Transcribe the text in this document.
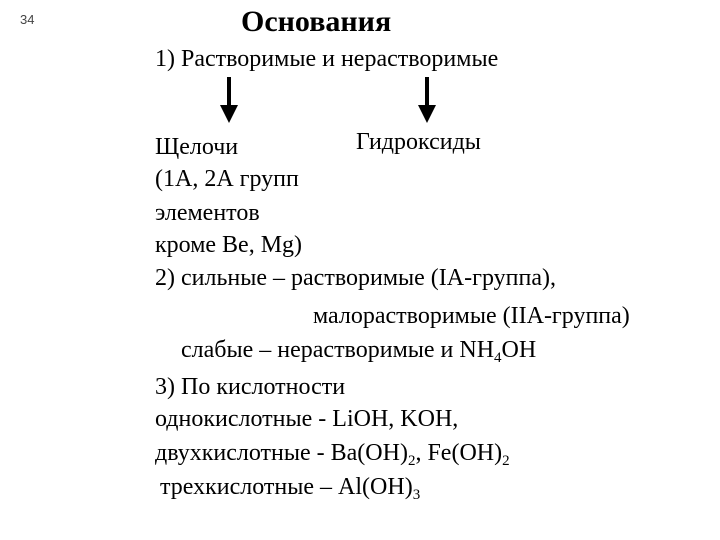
34	Основания
1) Растворимые и нерастворимые
Щелочи	Гидроксиды
(1А, 2А групп
элементов
кроме Be, Mg)
2) сильные – растворимые (IA-группа),
малорастворимые (IIA-группа)
слабые – нерастворимые и $NH_4OH$
3) По кислотности
однокислотные - LiOH, KOH,
двухкислотные - $Ba(OH)_2$, $Fe(OH)_2$
трехкислотные – $Al(OH)_3$
